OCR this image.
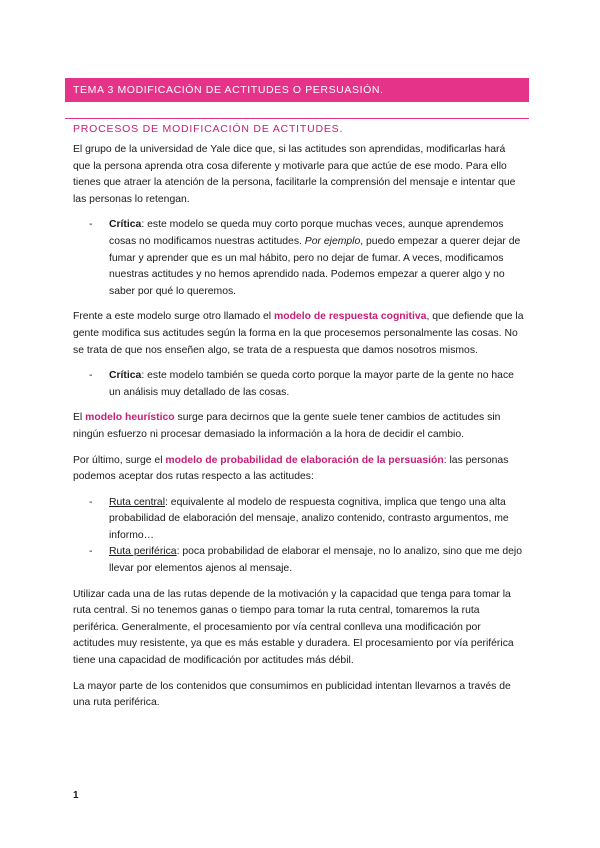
TEMA 3 MODIFICACIÓN DE ACTITUDES O PERSUASIÓN.
PROCESOS DE MODIFICACIÓN DE ACTITUDES.

El grupo de la universidad de Yale dice que, si las actitudes son aprendidas, modificarlas hará que la persona aprenda otra cosa diferente y motivarle para que actúe de ese modo. Para ello tienes que atraer la atención de la persona, facilitarle la comprensión del mensaje e intentar que las personas lo retengan.

- Crítica: este modelo se queda muy corto porque muchas veces, aunque aprendemos cosas no modificamos nuestras actitudes. Por ejemplo, puedo empezar a querer dejar de fumar y aprender que es un mal hábito, pero no dejar de fumar. A veces, modificamos nuestras actitudes y no hemos aprendido nada. Podemos empezar a querer algo y no saber por qué lo queremos.

Frente a este modelo surge otro llamado el modelo de respuesta cognitiva, que defiende que la gente modifica sus actitudes según la forma en la que procesemos personalmente las cosas. No se trata de que nos enseñen algo, se trata de a respuesta que damos nosotros mismos.

- Crítica: este modelo también se queda corto porque la mayor parte de la gente no hace un análisis muy detallado de las cosas.

El modelo heurístico surge para decirnos que la gente suele tener cambios de actitudes sin ningún esfuerzo ni procesar demasiado la información a la hora de decidir el cambio.

Por último, surge el modelo de probabilidad de elaboración de la persuasión: las personas podemos aceptar dos rutas respecto a las actitudes:

- Ruta central: equivalente al modelo de respuesta cognitiva, implica que tengo una alta probabilidad de elaboración del mensaje, analizo contenido, contrasto argumentos, me informo…
- Ruta periférica: poca probabilidad de elaborar el mensaje, no lo analizo, sino que me dejo llevar por elementos ajenos al mensaje.

Utilizar cada una de las rutas depende de la motivación y la capacidad que tenga para tomar la ruta central. Si no tenemos ganas o tiempo para tomar la ruta central, tomaremos la ruta periférica. Generalmente, el procesamiento por vía central conlleva una modificación por actitudes muy resistente, ya que es más estable y duradera. El procesamiento por vía periférica tiene una capacidad de modificación por actitudes más débil.

La mayor parte de los contenidos que consumimos en publicidad intentan llevarnos a través de una ruta periférica.

1
